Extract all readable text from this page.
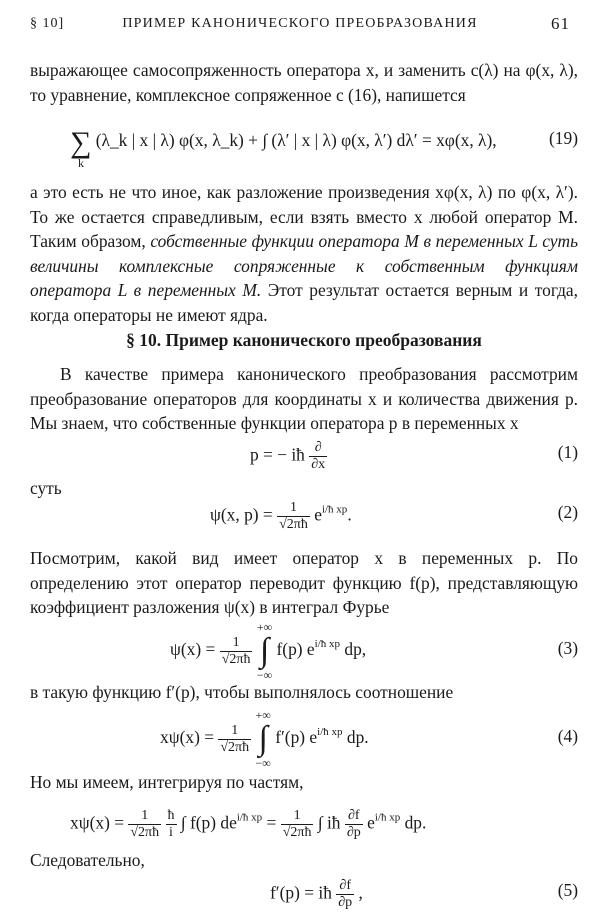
§ 10]	ПРИМЕР КАНОНИЧЕСКОГО ПРЕОБРАЗОВАНИЯ	61
выражающее самосопряженность оператора x, и заменить c(λ) на φ(x, λ), то уравнение, комплексное сопряженное с (16), напишется
∑ (λ_k | x | λ) φ(x, λ_k) + ∫ (λ′ | x | λ) φ(x, λ′) dλ′ = xφ(x, λ),	(19)
k
а это есть не что иное, как разложение произведения xφ(x, λ) по φ(x, λ′). То же остается справедливым, если взять вместо x любой оператор M. Таким образом, собственные функции оператора M в переменных L суть величины комплексные сопряженные к собственным функциям оператора L в переменных M. Этот результат остается верным и тогда, когда операторы не имеют ядра.
§ 10. Пример канонического преобразования
В качестве примера канонического преобразования рассмотрим преобразование операторов для координаты x и количества движения p. Мы знаем, что собственные функции оператора p в переменных x
p = − iħ $\frac{\partial}{\partial x}$	(1)
суть
ψ(x, $p) = \frac{1}{√2\pi ħ} e^{i/ħ xp}$.	(2)
Посмотрим, какой вид имеет оператор x в переменных p. По определению этот оператор переводит функцию f(p), представляющую коэффициент разложения ψ(x) в интеграл Фурье
$\psi(x) = \frac{1}{√2\pi ħ}$

+∞
∫
−∞
f(p) $e^{i/ħ xp}$ dp,	(3)
в такую функцию f′(p), чтобы выполнялось соотношение
$x\psi(x) = \frac{1}{√2\pi ħ}$

+∞
∫
−∞
f′(p) $e^{i/ħ xp}$ dp.	(4)
Но мы имеем, интегрируя по частям,
$x\psi(x) = \frac{1}{√2\pi ħ}$
$\frac{ħ}{i}$ ∫ f(p) $de^{i/ħ xp} = \frac{1}{√2\pi ħ}$ ∫ iħ $\frac{\partial f}{\partial p} e^{i/ħ xp}$ dp.
Следовательно,
f′(p) = iħ $\frac{\partial f}{\partial p}$ ,	(5)
